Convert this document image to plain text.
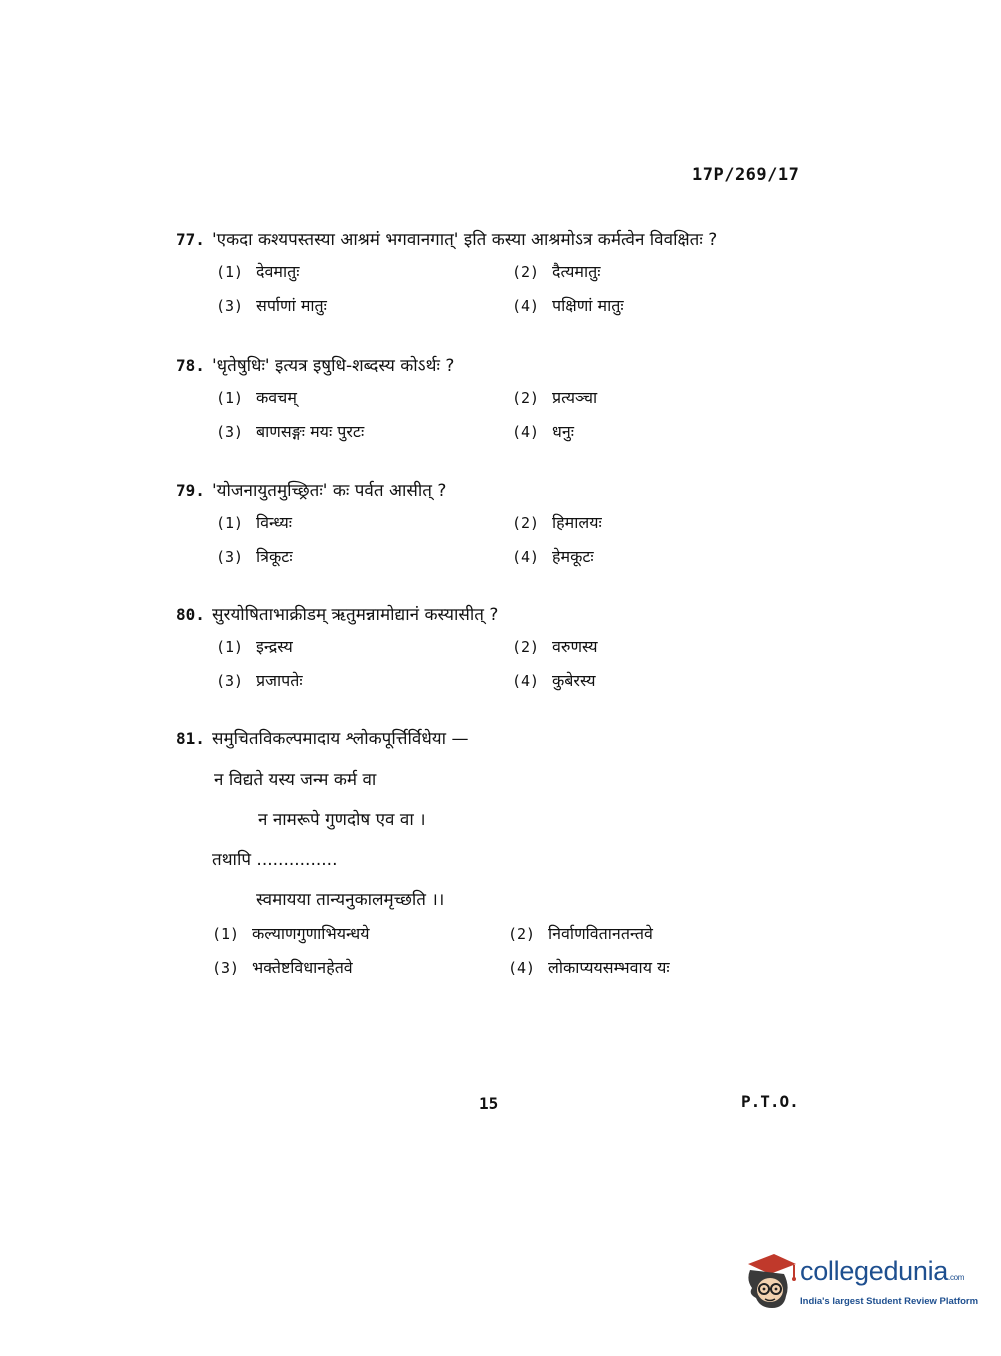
17P/269/17
77. 'एकदा कश्यपस्तस्या आश्रमं भगवानगात्' इति कस्या आश्रमोऽत्र कर्मत्वेन विवक्षितः ?
(1) देवमातुः	(2) दैत्यमातुः
(3) सर्पाणां मातुः	(4) पक्षिणां मातुः
78. 'धृतेषुधिः' इत्यत्र इषुधि-शब्दस्य कोऽर्थः ?
(1) कवचम्	(2) प्रत्यञ्चा
(3) बाणसङ्गः मयः पुरटः	(4) धनुः
79. 'योजनायुतमुच्छ्रितः' कः पर्वत आसीत् ?
(1) विन्ध्यः	(2) हिमालयः
(3) त्रिकूटः	(4) हेमकूटः
80. सुरयोषिताभाक्रीडम् ऋतुमन्नामोद्यानं कस्यासीत् ?
(1) इन्द्रस्य	(2) वरुणस्य
(3) प्रजापतेः	(4) कुबेरस्य
81. समुचितविकल्पमादाय श्लोकपूर्त्तिर्विधेया —
न विद्यते यस्य जन्म कर्म वा
न नामरूपे गुणदोष एव वा ।
तथापि ...............
स्वमायया तान्यनुकालमृच्छति ।।
(1) कल्याणगुणाभियन्धये	(2) निर्वाणवितानतन्तवे
(3) भक्तेष्टविधानहेतवे	(4) लोकाप्ययसम्भवाय यः
15	P.T.O.
collegedunia.com
India's largest Student Review Platform
